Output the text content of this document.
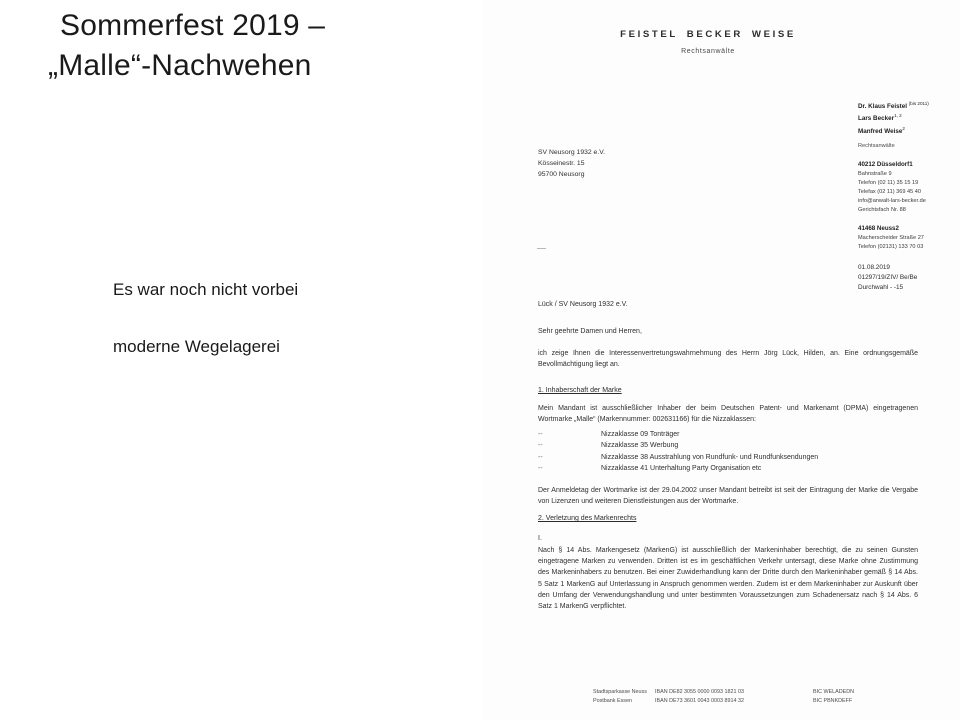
Sommerfest 2019 –
„Malle“-Nachwehen
Es war noch nicht vorbei
moderne Wegelagerei
FEISTEL BECKER WEISE
Rechtsanwälte
Dr. Klaus Feistel $^{(bis 2011)}$
Lars Becker$^{1, 2}$
Manfred Weise$^2$
Rechtsanwälte
40212 Düsseldorf1
Bahnstraße 9
Telefon (02 11) 35 15 19
Telefax (02 11) 369 45 40
info@anwalt-lars-becker.de
Gerichtsfach Nr. 88
41468 Neuss2
Macherscheider Straße 27
Telefon (02131) 133 70 03
01.08.2019
01297/19/ZIV/ Be/Be
Durchwahl - -15
SV Neusorg 1932 e.V.
Kösseinestr. 15
95700 Neusorg
Lück / SV Neusorg 1932 e.V.
Sehr geehrte Damen und Herren,
ich zeige Ihnen die Interessenvertretungswahrnehmung des Herrn Jörg Lück, Hilden, an. Eine ordnungsgemäße Bevollmächtigung liegt an.
1. Inhaberschaft der Marke
Mein Mandant ist ausschließlicher Inhaber der beim Deutschen Patent- und Markenamt (DPMA) eingetragenen Wortmarke „Malle“ (Markennummer: 002631166) für die Nizzaklassen:
--	Nizzaklasse 09 Tonträger
--	Nizzaklasse 35 Werbung
--	Nizzaklasse 38 Ausstrahlung von Rundfunk- und Rundfunksendungen
--	Nizzaklasse 41 Unterhaltung Party Organisation etc
Der Anmeldetag der Wortmarke ist der 29.04.2002 unser Mandant betreibt ist seit der Eintragung der Marke die Vergabe von Lizenzen und weiteren Dienstleistungen aus der Wortmarke.
2. Verletzung des Markenrechts
I.
Nach § 14 Abs. Markengesetz (MarkenG) ist ausschließlich der Markeninhaber berechtigt, die zu seinen Gunsten eingetragene Marken zu verwenden. Dritten ist es im geschäftlichen Verkehr untersagt, diese Marke ohne Zustimmung des Markeninhabers zu benutzen. Bei einer Zuwiderhandlung kann der Dritte durch den Markeninhaber gemäß § 14 Abs. 5 Satz 1 MarkenG auf Unterlassung in Anspruch genommen werden. Zudem ist er dem Markeninhaber zur Auskunft über den Umfang der Verwendungshandlung und unter bestimmten Voraussetzungen zum Schadenersatz nach § 14 Abs. 6 Satz 1 MarkenG verpflichtet.
Stadtsparkasse Neuss IBAN DE82 3055 0000 0093 1821 03	BIC WELADEDN
Postbank Essen	IBAN DE73 3601 0043 0003 8914 32	BIC PBNKDEFF
